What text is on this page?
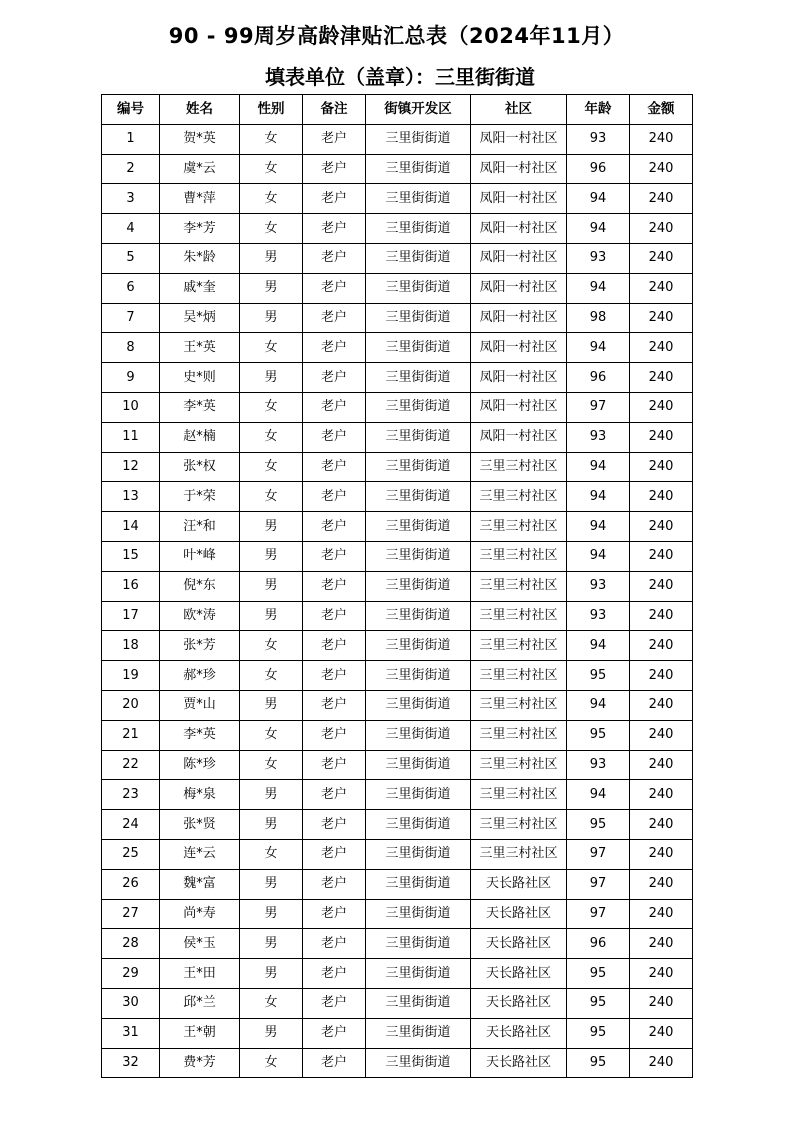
90 - 99周岁高龄津贴汇总表（2024年11月）
填表单位（盖章）：三里街街道
编号	姓名	性别	备注	街镇开发区	社区	年龄	金额
1	贺*英	女	老户	三里街街道	凤阳一村社区	93	240
2	虞*云	女	老户	三里街街道	凤阳一村社区	96	240
3	曹*萍	女	老户	三里街街道	凤阳一村社区	94	240
4	李*芳	女	老户	三里街街道	凤阳一村社区	94	240
5	朱*龄	男	老户	三里街街道	凤阳一村社区	93	240
6	戚*奎	男	老户	三里街街道	凤阳一村社区	94	240
7	吴*炳	男	老户	三里街街道	凤阳一村社区	98	240
8	王*英	女	老户	三里街街道	凤阳一村社区	94	240
9	史*则	男	老户	三里街街道	凤阳一村社区	96	240
10	李*英	女	老户	三里街街道	凤阳一村社区	97	240
11	赵*楠	女	老户	三里街街道	凤阳一村社区	93	240
12	张*权	女	老户	三里街街道	三里三村社区	94	240
13	于*荣	女	老户	三里街街道	三里三村社区	94	240
14	汪*和	男	老户	三里街街道	三里三村社区	94	240
15	叶*峰	男	老户	三里街街道	三里三村社区	94	240
16	倪*东	男	老户	三里街街道	三里三村社区	93	240
17	欧*涛	男	老户	三里街街道	三里三村社区	93	240
18	张*芳	女	老户	三里街街道	三里三村社区	94	240
19	郝*珍	女	老户	三里街街道	三里三村社区	95	240
20	贾*山	男	老户	三里街街道	三里三村社区	94	240
21	李*英	女	老户	三里街街道	三里三村社区	95	240
22	陈*珍	女	老户	三里街街道	三里三村社区	93	240
23	梅*泉	男	老户	三里街街道	三里三村社区	94	240
24	张*贤	男	老户	三里街街道	三里三村社区	95	240
25	连*云	女	老户	三里街街道	三里三村社区	97	240
26	魏*富	男	老户	三里街街道	天长路社区	97	240
27	尚*寿	男	老户	三里街街道	天长路社区	97	240
28	侯*玉	男	老户	三里街街道	天长路社区	96	240
29	王*田	男	老户	三里街街道	天长路社区	95	240
30	邱*兰	女	老户	三里街街道	天长路社区	95	240
31	王*朝	男	老户	三里街街道	天长路社区	95	240
32	费*芳	女	老户	三里街街道	天长路社区	95	240
